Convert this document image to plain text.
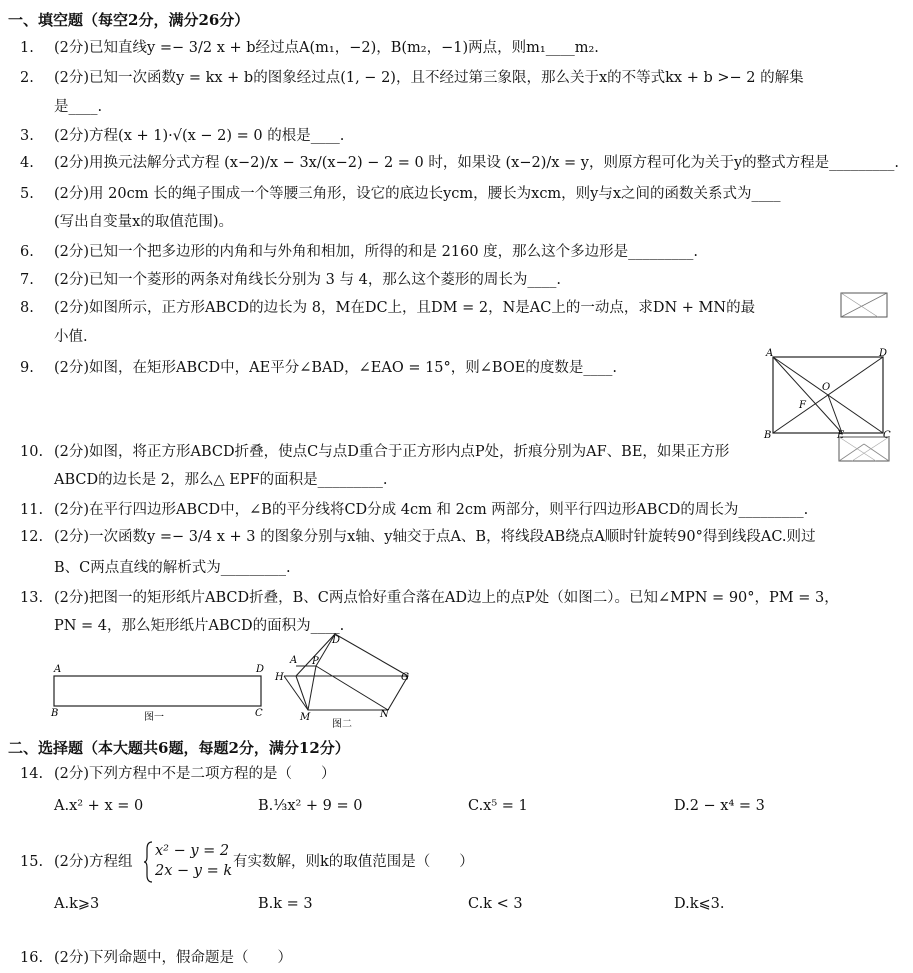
一、填空题（每空2分，满分26分）
1. (2分)已知直线y =− 3/2 x + b经过点A(m₁，−2)，B(m₂，−1)两点，则m₁____m₂.
2. (2分)已知一次函数y = kx + b的图象经过点(1, − 2)，且不经过第三象限，那么关于x的不等式kx + b >− 2 的解集
是____.
3. (2分)方程(x + 1)·√(x − 2) = 0 的根是____.
4. (2分)用换元法解分式方程 (x−2)/x − 3x/(x−2) − 2 = 0 时，如果设 (x−2)/x = y，则原方程可化为关于y的整式方程是_________.
5. (2分)用 20cm 长的绳子围成一个等腰三角形，设它的底边长ycm，腰长为xcm，则y与x之间的函数关系式为____
(写出自变量x的取值范围)。
6. (2分)已知一个把多边形的内角和与外角和相加，所得的和是 2160 度，那么这个多边形是_________.
7. (2分)已知一个菱形的两条对角线长分别为 3 与 4，那么这个菱形的周长为____.
8. (2分)如图所示，正方形ABCD的边长为 8，M在DC上，且DM = 2，N是AC上的一动点，求DN + MN的最
小值.
9. (2分)如图，在矩形ABCD中，AE平分∠BAD，∠EAO = 15°，则∠BOE的度数是____.
A	D
O
F
B	E	C
10. (2分)如图，将正方形ABCD折叠，使点C与点D重合于正方形内点P处，折痕分别为AF、BE，如果正方形
ABCD的边长是 2，那么△ EPF的面积是_________.
11. (2分)在平行四边形ABCD中，∠B的平分线将CD分成 4cm 和 2cm 两部分，则平行四边形ABCD的周长为_________.
12. (2分)一次函数y =− 3/4 x + 3 的图象分别与x轴、y轴交于点A、B，将线段AB绕点A顺时针旋转90°得到线段AC.则过
B、C两点直线的解析式为_________.
13. (2分)把图一的矩形纸片ABCD折叠，B、C两点恰好重合落在AD边上的点P处（如图二）。已知∠MPN = 90°，PM = 3，
PN = 4，那么矩形纸片ABCD的面积为____.
A	D
B	C
图一
A
D
P
H	G
M	N
图二
二、选择题（本大题共6题，每题2分，满分12分）
14. (2分)下列方程中不是二项方程的是（　　）
A.x² + x = 0	B.⅓x² + 9 = 0	C.x⁵ = 1	D.2 − x⁴ = 3
15. (2分)方程组
x² − y = 2
2x − y = k
有实数解，则k的取值范围是（　　）
A.k⩾3	B.k = 3	C.k < 3	D.k⩽3.
16. (2分)下列命题中，假命题是（　　）
